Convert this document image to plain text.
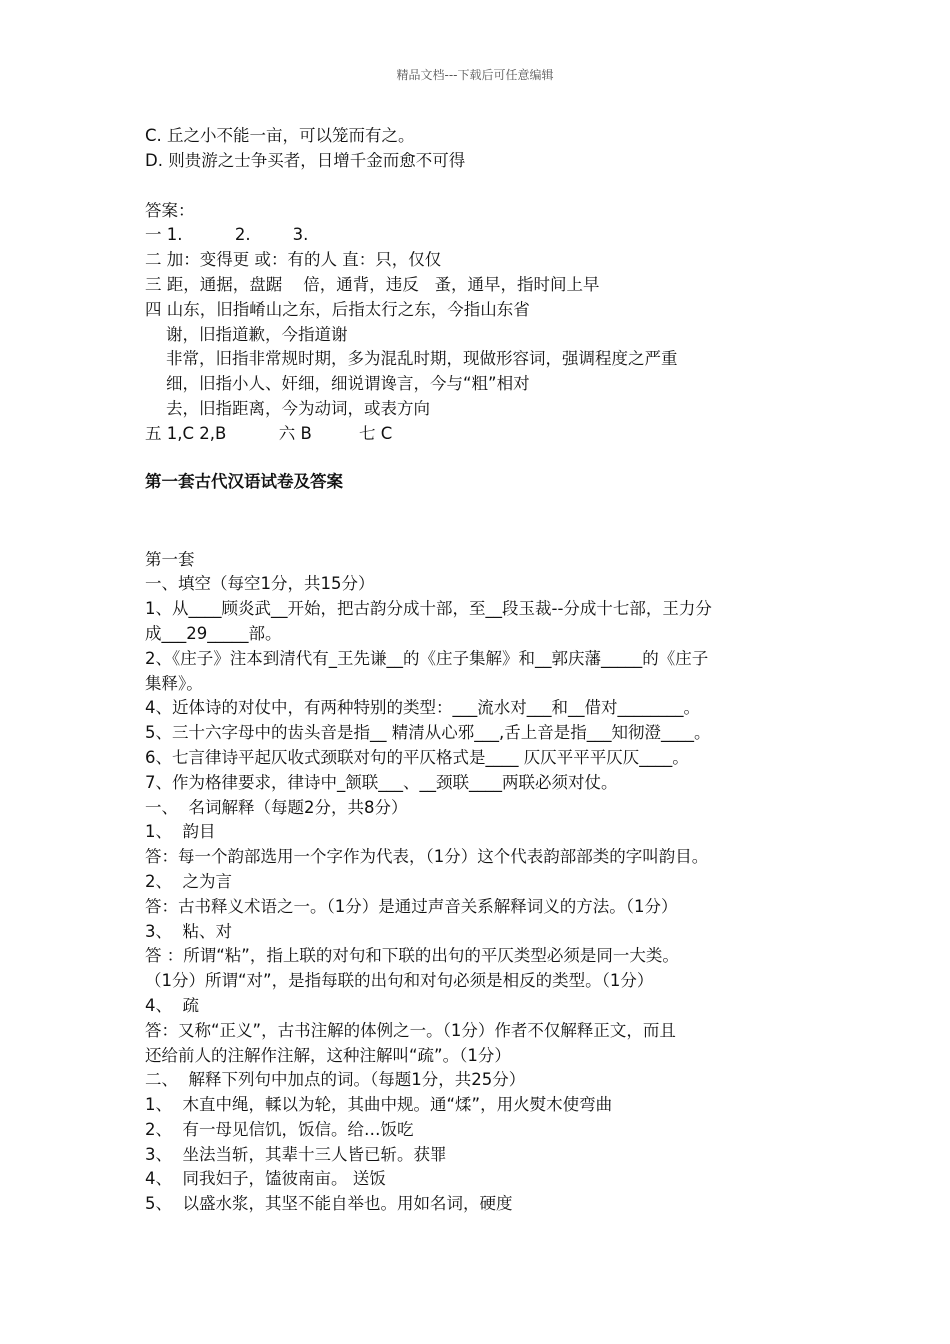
精品文档---下载后可任意编辑
C. 丘之小不能一亩，可以笼而有之。
D. 则贵游之士争买者，日增千金而愈不可得
答案：
一 1.          2.        3.
二 加：变得更 或：有的人 直：只，仅仅
三 距，通据，盘踞    倍，通背，违反   蚤，通早，指时间上早
四 山东，旧指崤山之东，后指太行之东，今指山东省
谢，旧指道歉，今指道谢
非常，旧指非常规时期，多为混乱时期，现做形容词，强调程度之严重
细，旧指小人、奸细，细说谓谗言，今与“粗”相对
去，旧指距离，今为动词，或表方向
五 1,C 2,B          六 B         七 C
第一套古代汉语试卷及答案
第一套
一、填空（每空1分，共15分）
1、从____顾炎武__开始，把古韵分成十部，至__段玉裁--分成十七部，王力分
成___29_____部。
2、《庄子》注本到清代有_王先谦__的《庄子集解》和__郭庆藩_____的《庄子
集释》。
4、近体诗的对仗中，有两种特别的类型：___流水对___和__借对________。
5、三十六字母中的齿头音是指__ 精清从心邪___,舌上音是指___知彻澄____。
6、七言律诗平起仄收式颈联对句的平仄格式是____ 仄仄平平平仄仄____。
7、作为格律要求，律诗中_颔联___、__颈联____两联必须对仗。
一、  名词解释（每题2分，共8分）
1、  韵目
答：每一个韵部选用一个字作为代表，（1分）这个代表韵部部类的字叫韵目。
2、  之为言
答：古书释义术语之一。（1分）是通过声音关系解释词义的方法。（1分）
3、  粘、对
答 ：所谓“粘”，指上联的对句和下联的出句的平仄类型必须是同一大类。
（1分）所谓“对”，是指每联的出句和对句必须是相反的类型。（1分）
4、  疏
答：又称“正义”，古书注解的体例之一。（1分）作者不仅解释正文，而且
还给前人的注解作注解，这种注解叫“疏”。（1分）
二、  解释下列句中加点的词。（每题1分，共25分）
1、  木直中绳，輮以为轮，其曲中规。通“煣”，用火熨木使弯曲
2、  有一母见信饥，饭信。给…饭吃
3、  坐法当斩，其辈十三人皆已斩。获罪
4、  同我妇子，馌彼南亩。 送饭
5、  以盛水浆，其坚不能自举也。用如名词，硬度
